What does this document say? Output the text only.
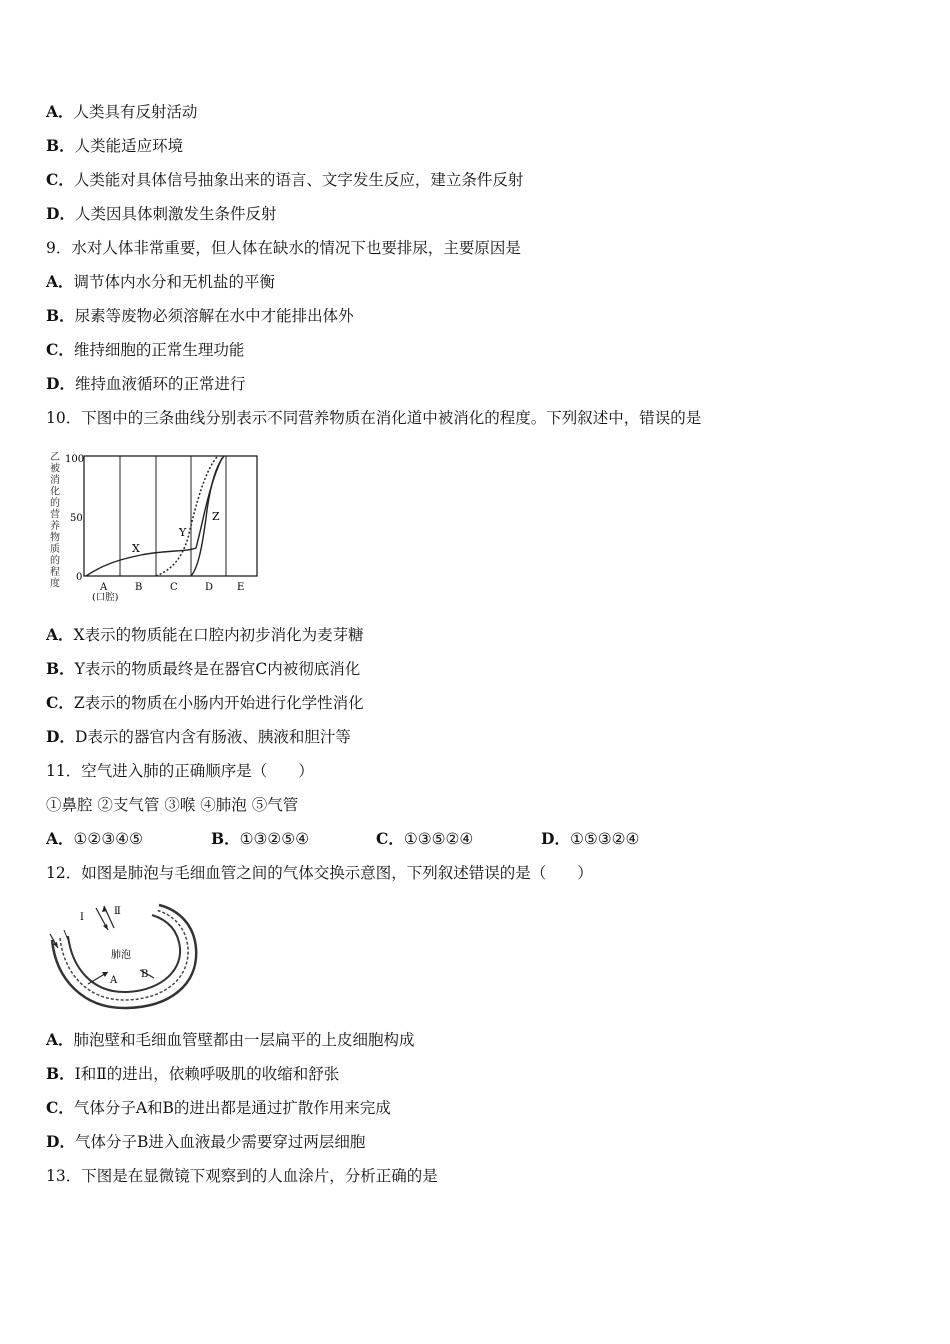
A．人类具有反射活动
B．人类能适应环境
C．人类能对具体信号抽象出来的语言、文字发生反应，建立条件反射
D．人类因具体刺激发生条件反射
9．水对人体非常重要，但人体在缺水的情况下也要排尿，主要原因是
A．调节体内水分和无机盐的平衡
B．尿素等废物必须溶解在水中才能排出体外
C．维持细胞的正常生理功能
D．维持血液循环的正常进行
10．下图中的三条曲线分别表示不同营养物质在消化道中被消化的程度。下列叙述中，错误的是
乙
被
消
化
的
营
养
物
质
的
程
度
100
50
0
X
Y
Z
A	B	C	D E
(口腔)
A．X表示的物质能在口腔内初步消化为麦芽糖
B．Y表示的物质最终是在器官C内被彻底消化
C．Z表示的物质在小肠内开始进行化学性消化
D．D表示的器官内含有肠液、胰液和胆汁等
11．空气进入肺的正确顺序是（　　）
①鼻腔 ②支气管 ③喉 ④肺泡 ⑤气管
A．①②③④⑤	B．①③②⑤④	C．①③⑤②④	D．①⑤③②④
12．如图是肺泡与毛细血管之间的气体交换示意图，下列叙述错误的是（　　）
Ⅰ
Ⅱ
肺泡
A
B
A．肺泡壁和毛细血管壁都由一层扁平的上皮细胞构成
B．Ⅰ和Ⅱ的进出，依赖呼吸肌的收缩和舒张
C．气体分子A和B的进出都是通过扩散作用来完成
D．气体分子B进入血液最少需要穿过两层细胞
13．下图是在显微镜下观察到的人血涂片，分析正确的是
